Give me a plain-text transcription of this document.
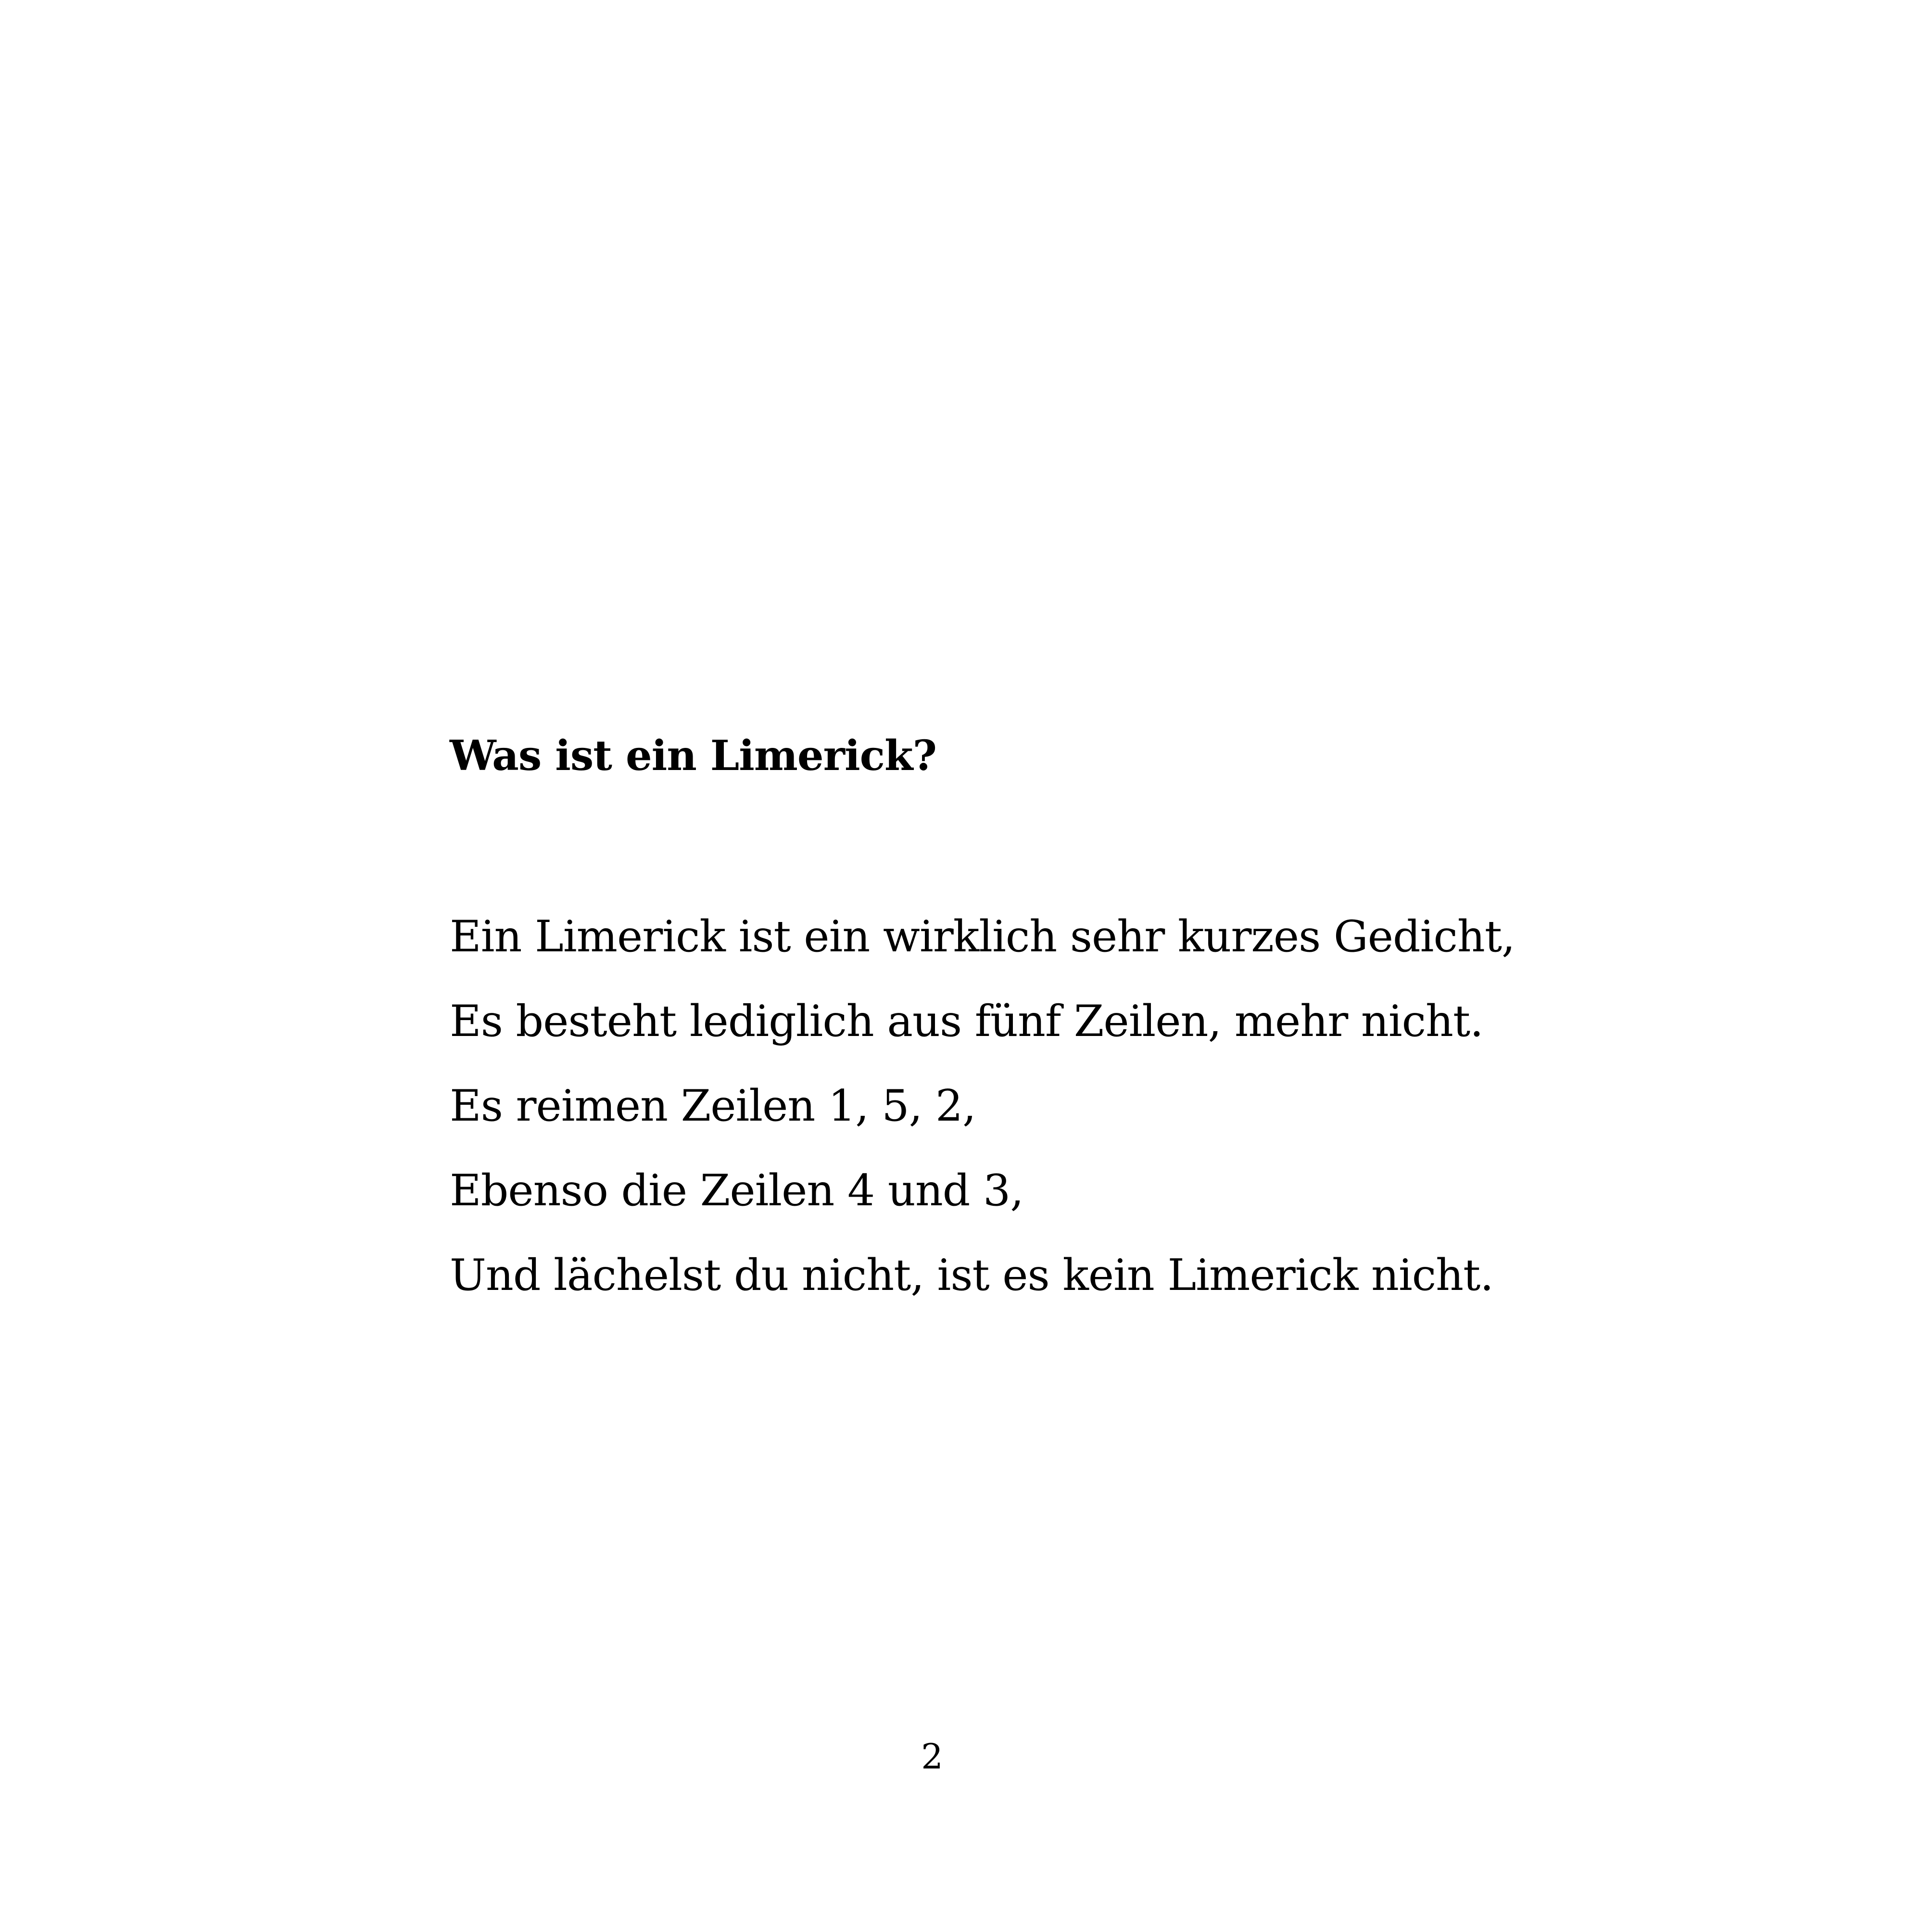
Was ist ein Limerick?
Ein Limerick ist ein wirklich sehr kurzes Gedicht,
Es besteht lediglich aus fünf Zeilen, mehr nicht.
Es reimen Zeilen 1, 5, 2,
Ebenso die Zeilen 4 und 3,
Und lächelst du nicht, ist es kein Limerick nicht.
2
